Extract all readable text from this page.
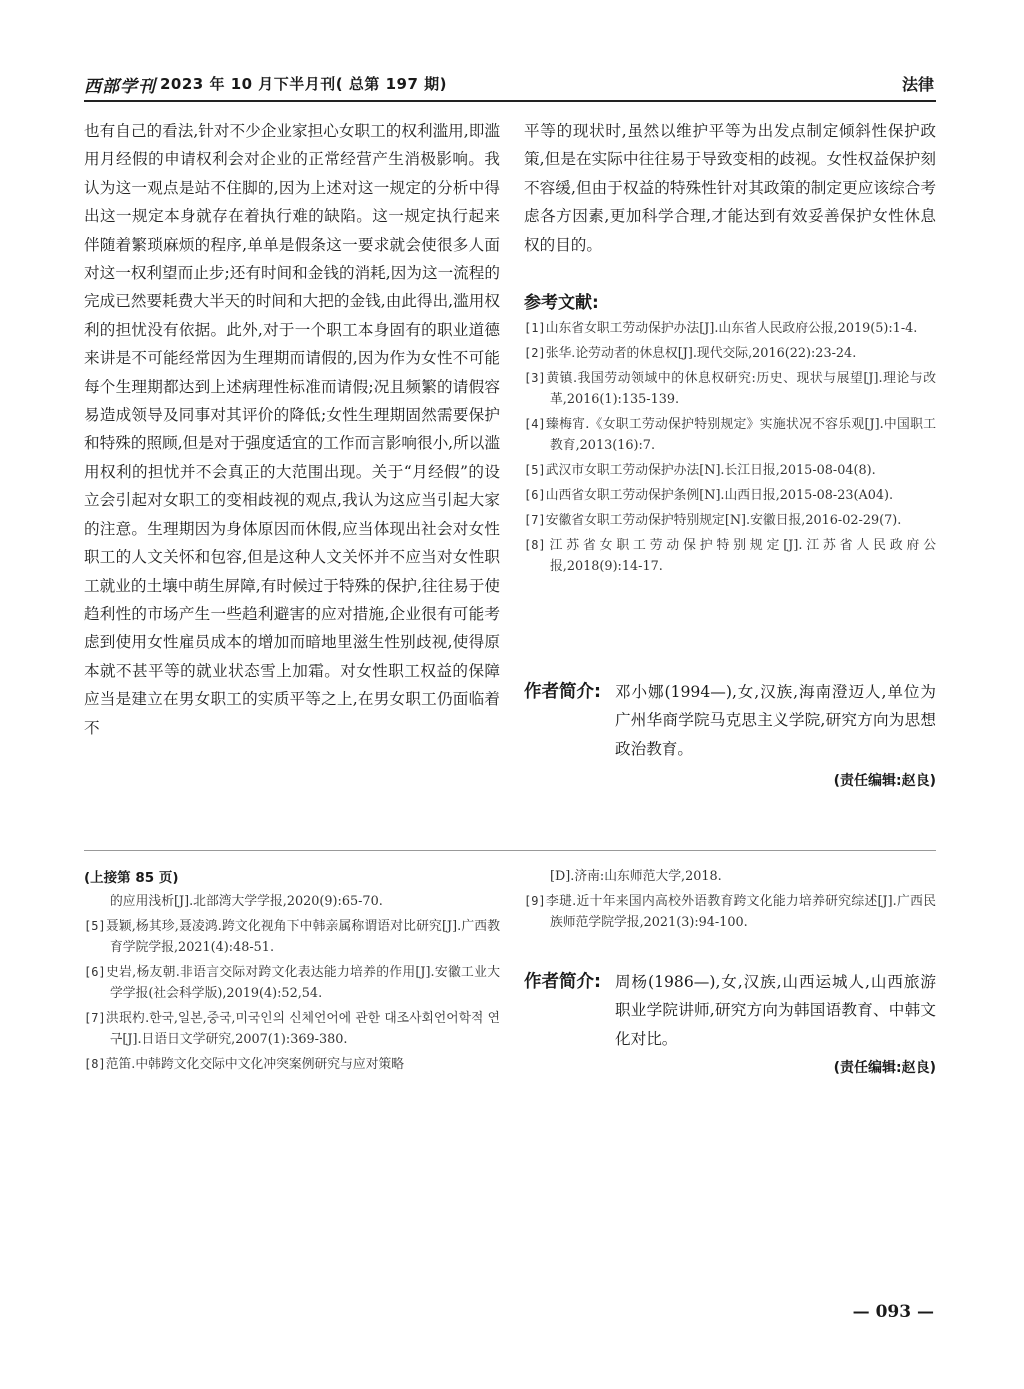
西部学刊 2023 年 10 月下半月刊( 总第 197 期)	法律

也有自己的看法,针对不少企业家担心女职工的权利滥用,即滥用月经假的申请权利会对企业的正常经营产生消极影响。我认为这一观点是站不住脚的,因为上述对这一规定的分析中得出这一规定本身就存在着执行难的缺陷。这一规定执行起来伴随着繁琐麻烦的程序,单单是假条这一要求就会使很多人面对这一权利望而止步;还有时间和金钱的消耗,因为这一流程的完成已然要耗费大半天的时间和大把的金钱,由此得出,滥用权利的担忧没有依据。此外,对于一个职工本身固有的职业道德来讲是不可能经常因为生理期而请假的,因为作为女性不可能每个生理期都达到上述病理性标准而请假;况且频繁的请假容易造成领导及同事对其评价的降低;女性生理期固然需要保护和特殊的照顾,但是对于强度适宜的工作而言影响很小,所以滥用权利的担忧并不会真正的大范围出现。关于“月经假”的设立会引起对女职工的变相歧视的观点,我认为这应当引起大家的注意。生理期因为身体原因而休假,应当体现出社会对女性职工的人文关怀和包容,但是这种人文关怀并不应当对女性职工就业的土壤中萌生屏障,有时候过于特殊的保护,往往易于使趋利性的市场产生一些趋利避害的应对措施,企业很有可能考虑到使用女性雇员成本的增加而暗地里滋生性别歧视,使得原本就不甚平等的就业状态雪上加霜。对女性职工权益的保障应当是建立在男女职工的实质平等之上,在男女职工仍面临着不

平等的现状时,虽然以维护平等为出发点制定倾斜性保护政策,但是在实际中往往易于导致变相的歧视。女性权益保护刻不容缓,但由于权益的特殊性针对其政策的制定更应该综合考虑各方因素,更加科学合理,才能达到有效妥善保护女性休息权的目的。

参考文献:
[1]山东省女职工劳动保护办法[J].山东省人民政府公报,2019(5):1-4.
[2]张华.论劳动者的休息权[J].现代交际,2016(22):23-24.
[3]黄镇.我国劳动领域中的休息权研究:历史、现状与展望[J].理论与改革,2016(1):135-139.
[4]臻梅宵.《女职工劳动保护特别规定》实施状况不容乐观[J].中国职工教育,2013(16):7.
[5]武汉市女职工劳动保护办法[N].长江日报,2015-08-04(8).
[6]山西省女职工劳动保护条例[N].山西日报,2015-08-23(A04).
[7]安徽省女职工劳动保护特别规定[N].安徽日报,2016-02-29(7).
[8]江苏省女职工劳动保护特别规定[J].江苏省人民政府公报,2018(9):14-17.
作者简介: 邓小娜(1994—),女,汉族,海南澄迈人,单位为广州华商学院马克思主义学院,研究方向为思想政治教育。
(责任编辑:赵良)
(上接第 85 页)
的应用浅析[J].北部湾大学学报,2020(9):65-70.
[5]聂颖,杨其珍,聂凌鸿.跨文化视角下中韩亲属称谓语对比研究[J].广西教育学院学报,2021(4):48-51.
[6]史岩,杨友朝.非语言交际对跨文化表达能力培养的作用[J].安徽工业大学学报(社会科学版),2019(4):52,54.
[7]洪珉杓.한국,일본,중국,미국인의 신체언어에 관한 대조사회언어학적 연구[J].日语日文学研究,2007(1):369-380.
[8]范笛.中韩跨文化交际中文化冲突案例研究与应对策略
[D].济南:山东师范大学,2018.
[9]李琎.近十年来国内高校外语教育跨文化能力培养研究综述[J].广西民族师范学院学报,2021(3):94-100.
作者简介: 周杨(1986—),女,汉族,山西运城人,山西旅游职业学院讲师,研究方向为韩国语教育、中韩文化对比。
(责任编辑:赵良)
— 093 —
